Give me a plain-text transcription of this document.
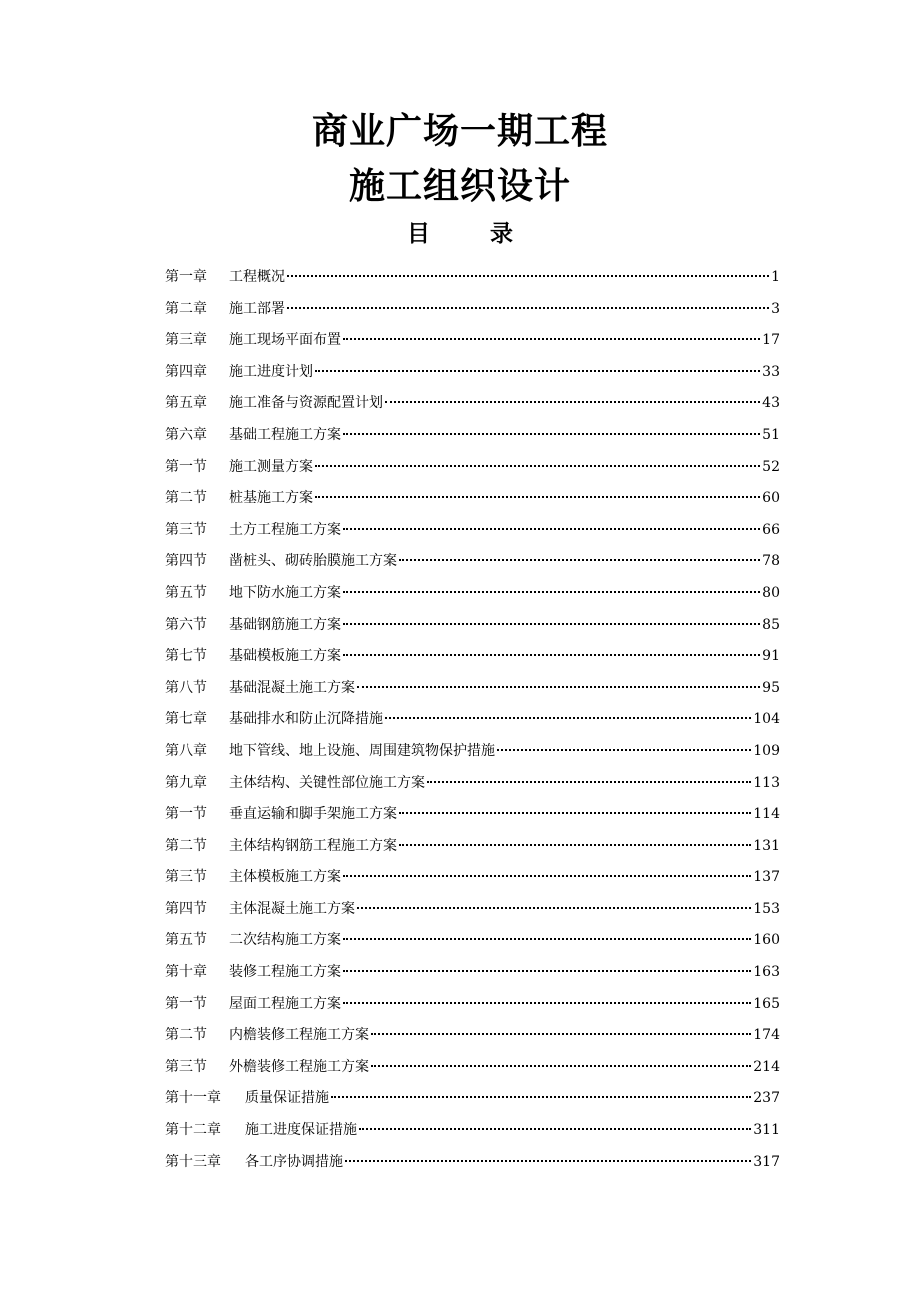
商业广场一期工程
施工组织设计
目 录
第一章	工程概况	1
第二章	施工部署	3
第三章	施工现场平面布置	17
第四章	施工进度计划	33
第五章	施工准备与资源配置计划	43
第六章	基础工程施工方案	51
第一节	施工测量方案	52
第二节	桩基施工方案	60
第三节	土方工程施工方案	66
第四节	凿桩头、砌砖胎膜施工方案	78
第五节	地下防水施工方案	80
第六节	基础钢筋施工方案	85
第七节	基础模板施工方案	91
第八节	基础混凝土施工方案	95
第七章	基础排水和防止沉降措施	104
第八章	地下管线、地上设施、周围建筑物保护措施	109
第九章	主体结构、关键性部位施工方案	113
第一节	垂直运输和脚手架施工方案	114
第二节	主体结构钢筋工程施工方案	131
第三节	主体模板施工方案	137
第四节	主体混凝土施工方案	153
第五节	二次结构施工方案	160
第十章	装修工程施工方案	163
第一节	屋面工程施工方案	165
第二节	内檐装修工程施工方案	174
第三节	外檐装修工程施工方案	214
第十一章	质量保证措施	237
第十二章	施工进度保证措施	311
第十三章	各工序协调措施	317
